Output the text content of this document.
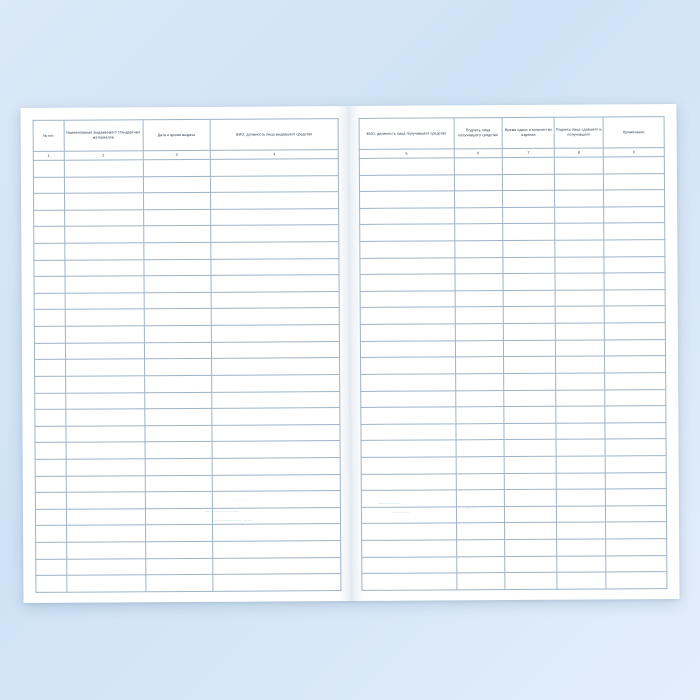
№ п/п	Наименование выдаваемого стандартных материалов	Дата и время выдачи	ФИО, должность лица выдавшего средство
1	2	3	4

ФИО, должность лица получившего средство	Подпись лица получившего средство	Время сдачи и количество изделия	Подпись лица сдавшего и получившего	Примечание
5	6	7	8	9

———— ———
—————— ——
········
—————
————
——
